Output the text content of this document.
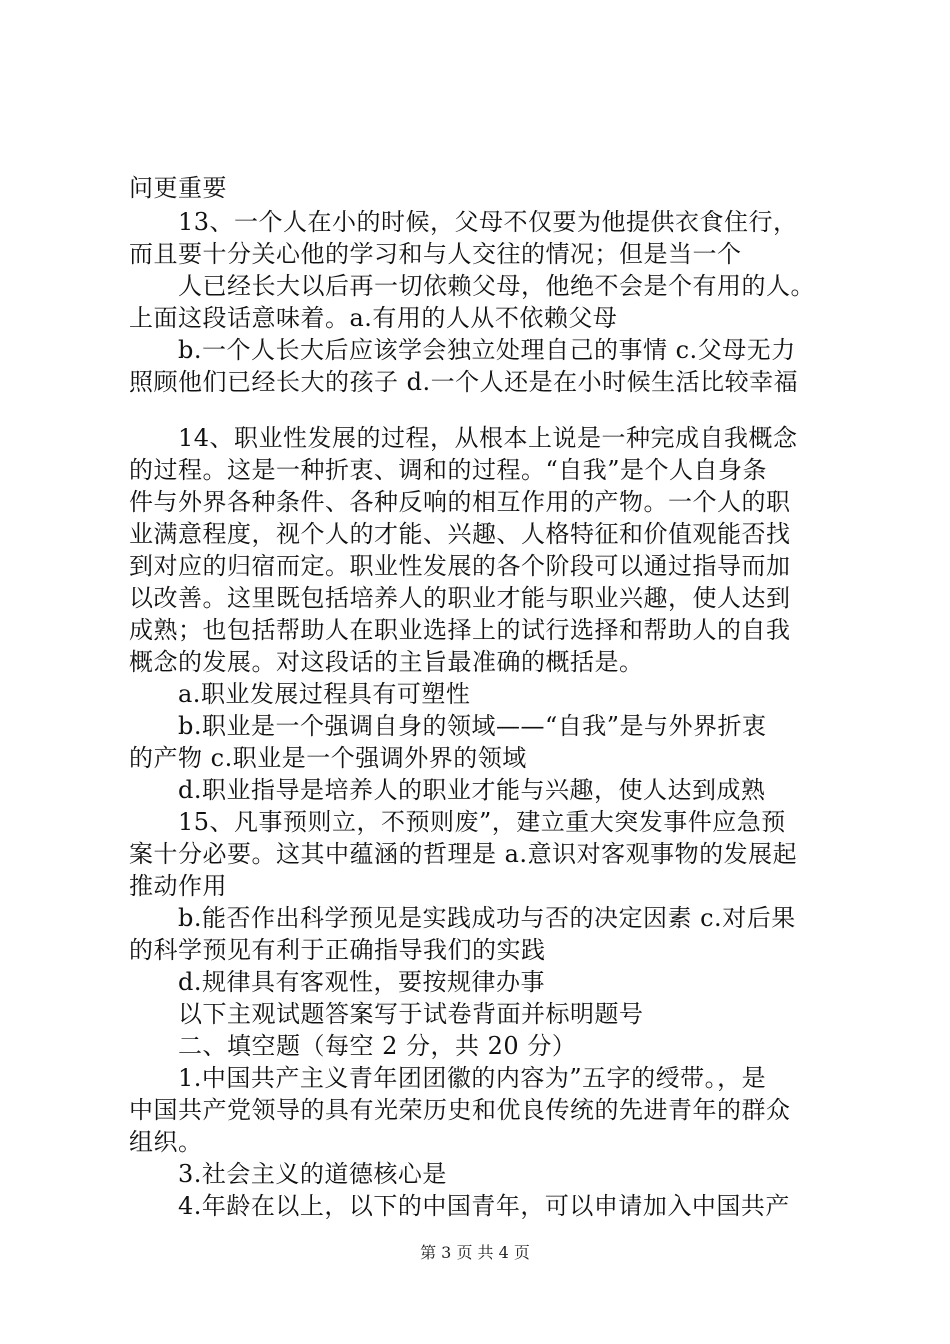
问更重要
13、一个人在小的时候，父母不仅要为他提供衣食住行，
而且要十分关心他的学习和与人交往的情况；但是当一个
人已经长大以后再一切依赖父母，他绝不会是个有用的人。
上面这段话意味着。a.有用的人从不依赖父母
b.一个人长大后应该学会独立处理自己的事情 c.父母无力
照顾他们已经长大的孩子 d.一个人还是在小时候生活比较幸福
14、职业性发展的过程，从根本上说是一种完成自我概念
的过程。这是一种折衷、调和的过程。“自我”是个人自身条
件与外界各种条件、各种反响的相互作用的产物。一个人的职
业满意程度，视个人的才能、兴趣、人格特征和价值观能否找
到对应的归宿而定。职业性发展的各个阶段可以通过指导而加
以改善。这里既包括培养人的职业才能与职业兴趣，使人达到
成熟；也包括帮助人在职业选择上的试行选择和帮助人的自我
概念的发展。对这段话的主旨最准确的概括是。
a.职业发展过程具有可塑性
b.职业是一个强调自身的领域——“自我”是与外界折衷
的产物 c.职业是一个强调外界的领域
d.职业指导是培养人的职业才能与兴趣，使人达到成熟
15、凡事预则立，不预则废”，建立重大突发事件应急预
案十分必要。这其中蕴涵的哲理是 a.意识对客观事物的发展起
推动作用
b.能否作出科学预见是实践成功与否的决定因素 c.对后果
的科学预见有利于正确指导我们的实践
d.规律具有客观性，要按规律办事
以下主观试题答案写于试卷背面并标明题号
二、填空题（每空 2 分，共 20 分）
1.中国共产主义青年团团徽的内容为”五字的绶带。，是
中国共产党领导的具有光荣历史和优良传统的先进青年的群众
组织。
3.社会主义的道德核心是
4.年龄在以上，以下的中国青年，可以申请加入中国共产
第 3 页 共 4 页
